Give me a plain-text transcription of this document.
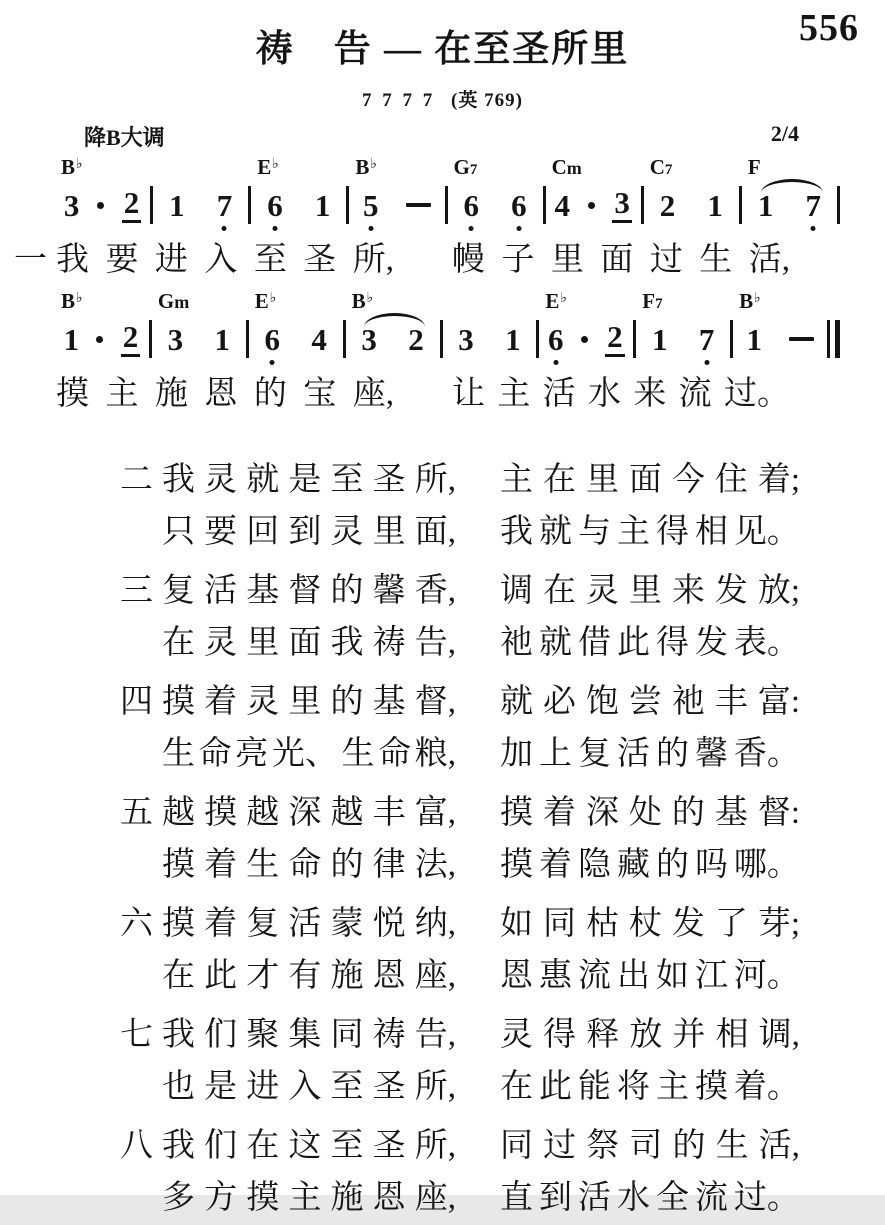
556
祷　告 — 在至圣所里
7 7 7 7 (英 769)
降B大调	2/4
B♭
3 2 1 7
E♭
6 1
B♭
5
G7
6 6
Cm
4 3
C7
2 1
F
1 7
一 我 要 进 入 至 圣 所, 幔 子 里 面 过 生 活,
B♭
1 2
Gm
3 1
E♭
6 4
B♭
3 2 3 1
E♭
6 2
F7
1 7
B♭
1
摸 主 施 恩 的 宝 座, 让 主 活 水 来 流 过。
二 我 灵 就 是 至 圣 所, 主 在 里 面 今 住 着;
只 要 回 到 灵 里 面, 我 就 与 主 得 相 见。
三 复 活 基 督 的 馨 香, 调 在 灵 里 来 发 放;
在 灵 里 面 我 祷 告, 祂 就 借 此 得 发 表。
四 摸 着 灵 里 的 基 督, 就 必 饱 尝 祂 丰 富:
生 命 亮 光、 生 命 粮, 加 上 复 活 的 馨 香。
五 越 摸 越 深 越 丰 富, 摸 着 深 处 的 基 督:
摸 着 生 命 的 律 法, 摸 着 隐 藏 的 吗 哪。
六 摸 着 复 活 蒙 悦 纳, 如 同 枯 杖 发 了 芽;
在 此 才 有 施 恩 座, 恩 惠 流 出 如 江 河。
七 我 们 聚 集 同 祷 告, 灵 得 释 放 并 相 调,
也 是 进 入 至 圣 所, 在 此 能 将 主 摸 着。
八 我 们 在 这 至 圣 所, 同 过 祭 司 的 生 活,
多 方 摸 主 施 恩 座, 直 到 活 水 全 流 过。
